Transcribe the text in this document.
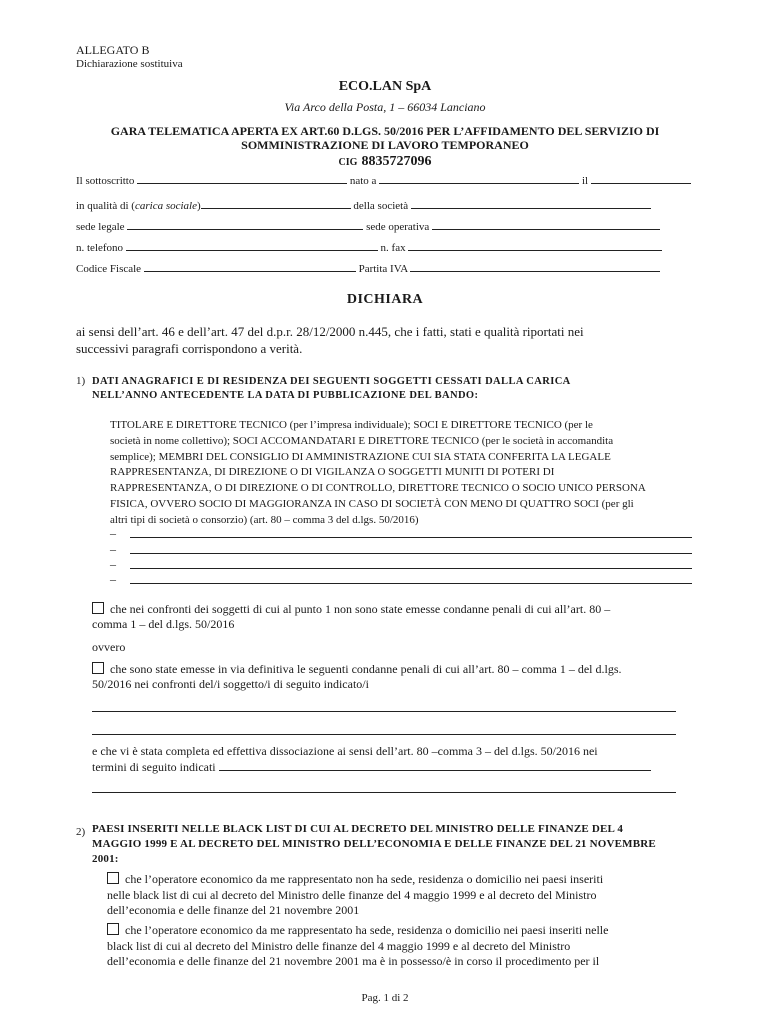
ALLEGATO B
Dichiarazione sostituiva
ECO.LAN SpA
Via Arco della Posta, 1 – 66034 Lanciano
GARA TELEMATICA APERTA EX ART.60 D.LGS. 50/2016 PER L’AFFIDAMENTO DEL SERVIZIO DI
SOMMINISTRAZIONE DI LAVORO TEMPORANEO
CIG 8835727096
Il sottoscritto	nato a	il
in qualità di (carica sociale)	della società
sede legale	sede operativa
n. telefono	n. fax
Codice Fiscale	Partita IVA
DICHIARA
ai sensi dell’art. 46 e dell’art. 47 del d.p.r. 28/12/2000 n.445, che i fatti, stati e qualità riportati nei
successivi paragrafi corrispondono a verità.
1) DATI ANAGRAFICI E DI RESIDENZA DEI SEGUENTI SOGGETTI CESSATI DALLA CARICA
NELL’ANNO ANTECEDENTE LA DATA DI PUBBLICAZIONE DEL BANDO:
TITOLARE E DIRETTORE TECNICO (per l’impresa individuale); SOCI E DIRETTORE TECNICO (per le
società in nome collettivo); SOCI ACCOMANDATARI E DIRETTORE TECNICO (per le società in accomandita
semplice); MEMBRI DEL CONSIGLIO DI AMMINISTRAZIONE CUI SIA STATA CONFERITA LA LEGALE
RAPPRESENTANZA, DI DIREZIONE O DI VIGILANZA O SOGGETTI MUNITI DI POTERI DI
RAPPRESENTANZA, O DI DIREZIONE O DI CONTROLLO, DIRETTORE TECNICO O SOCIO UNICO PERSONA
FISICA, OVVERO SOCIO DI MAGGIORANZA IN CASO DI SOCIETÀ CON MENO DI QUATTRO SOCI (per gli
altri tipi di società o consorzio) (art. 80 – comma 3 del d.lgs. 50/2016)
–
–
–
–
che nei confronti dei soggetti di cui al punto 1 non sono state emesse condanne penali di cui all’art. 80 –
comma 1 – del d.lgs. 50/2016
ovvero
che sono state emesse in via definitiva le seguenti condanne penali di cui all’art. 80 – comma 1 – del d.lgs.
50/2016 nei confronti del/i soggetto/i di seguito indicato/i
e che vi è stata completa ed effettiva dissociazione ai sensi dell’art. 80 –comma 3 – del d.lgs. 50/2016 nei
termini di seguito indicati
2) PAESI INSERITI NELLE BLACK LIST DI CUI AL DECRETO DEL MINISTRO DELLE FINANZE DEL 4
MAGGIO 1999 E AL DECRETO DEL MINISTRO DELL’ECONOMIA E DELLE FINANZE DEL 21 NOVEMBRE
2001:
che l’operatore economico da me rappresentato non ha sede, residenza o domicilio nei paesi inseriti
nelle black list di cui al decreto del Ministro delle finanze del 4 maggio 1999 e al decreto del Ministro
dell’economia e delle finanze del 21 novembre 2001
che l’operatore economico da me rappresentato ha sede, residenza o domicilio nei paesi inseriti nelle
black list di cui al decreto del Ministro delle finanze del 4 maggio 1999 e al decreto del Ministro
dell’economia e delle finanze del 21 novembre 2001 ma è in possesso/è in corso il procedimento per il
Pag. 1 di 2
